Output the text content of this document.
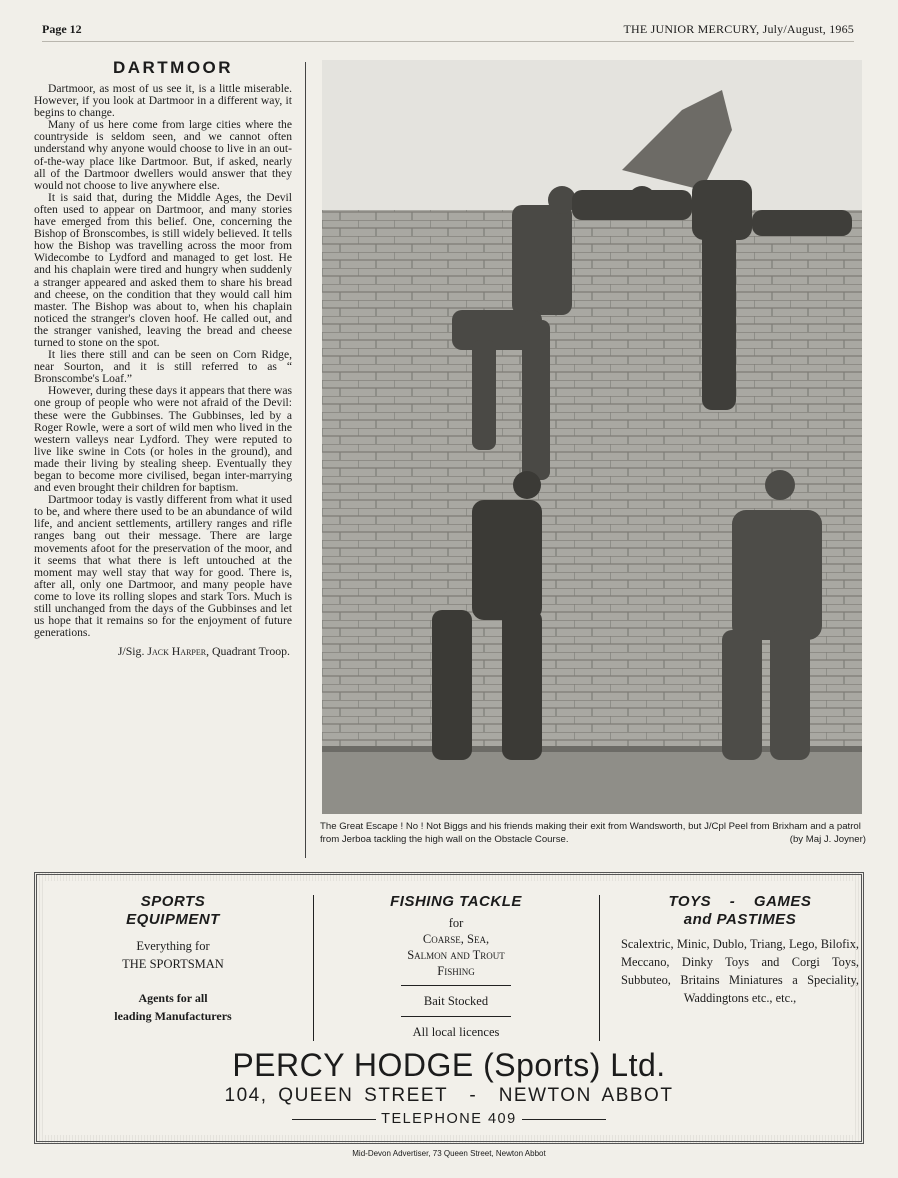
Page 12	THE JUNIOR MERCURY, July/August, 1965
DARTMOOR

Dartmoor, as most of us see it, is a little miserable. However, if you look at Dartmoor in a different way, it begins to change.

Many of us here come from large cities where the countryside is seldom seen, and we cannot often understand why anyone would choose to live in an out-of-the-way place like Dartmoor. But, if asked, nearly all of the Dartmoor dwellers would answer that they would not choose to live anywhere else.

It is said that, during the Middle Ages, the Devil often used to appear on Dartmoor, and many stories have emerged from this belief. One, concerning the Bishop of Bronscombes, is still widely believed. It tells how the Bishop was travelling across the moor from Widecombe to Lydford and managed to get lost. He and his chaplain were tired and hungry when suddenly a stranger appeared and asked them to share his bread and cheese, on the condition that they would call him master. The Bishop was about to, when his chaplain noticed the stranger's cloven hoof. He called out, and the stranger vanished, leaving the bread and cheese turned to stone on the spot.

It lies there still and can be seen on Corn Ridge, near Sourton, and it is still referred to as “ Bronscombe's Loaf.”

However, during these days it appears that there was one group of people who were not afraid of the Devil: these were the Gubbinses. The Gubbinses, led by a Roger Rowle, were a sort of wild men who lived in the western valleys near Lydford. They were reputed to live like swine in Cots (or holes in the ground), and made their living by stealing sheep. Eventually they began to become more civilised, began inter-marrying and even brought their children for baptism.

Dartmoor today is vastly different from what it used to be, and where there used to be an abundance of wild life, and ancient settlements, artillery ranges and rifle ranges bang out their message. There are large movements afoot for the preservation of the moor, and it seems that what there is left untouched at the moment may well stay that way for good. There is, after all, only one Dartmoor, and many people have come to love its rolling slopes and stark Tors. Much is still unchanged from the days of the Gubbinses and let us hope that it remains so for the enjoyment of future generations.

J/Sig. Jack Harper, Quadrant Troop.

The Great Escape ! No ! Not Biggs and his friends making their exit from Wandsworth, but J/Cpl Peel from Brixham and a patrol from Jerboa tackling the high wall on the Obstacle Course.	(by Maj J. Joyner)
SPORTS
EQUIPMENT
Everything for
THE SPORTSMAN
Agents for all
leading Manufacturers
FISHING TACKLE
for
Coarse, Sea,
Salmon and Trout
Fishing
Bait Stocked
All local licences
TOYS    -    GAMES
and PASTIMES
Scalextric, Minic, Dublo, Triang, Lego, Bilofix, Meccano, Dinky Toys and Corgi Toys, Subbuteo, Britains Miniatures a Speciality, Waddingtons etc., etc.,
PERCY HODGE (Sports) Ltd.
104, QUEEN STREET  -  NEWTON ABBOT
TELEPHONE 409
Mid-Devon Advertiser, 73 Queen Street, Newton Abbot
